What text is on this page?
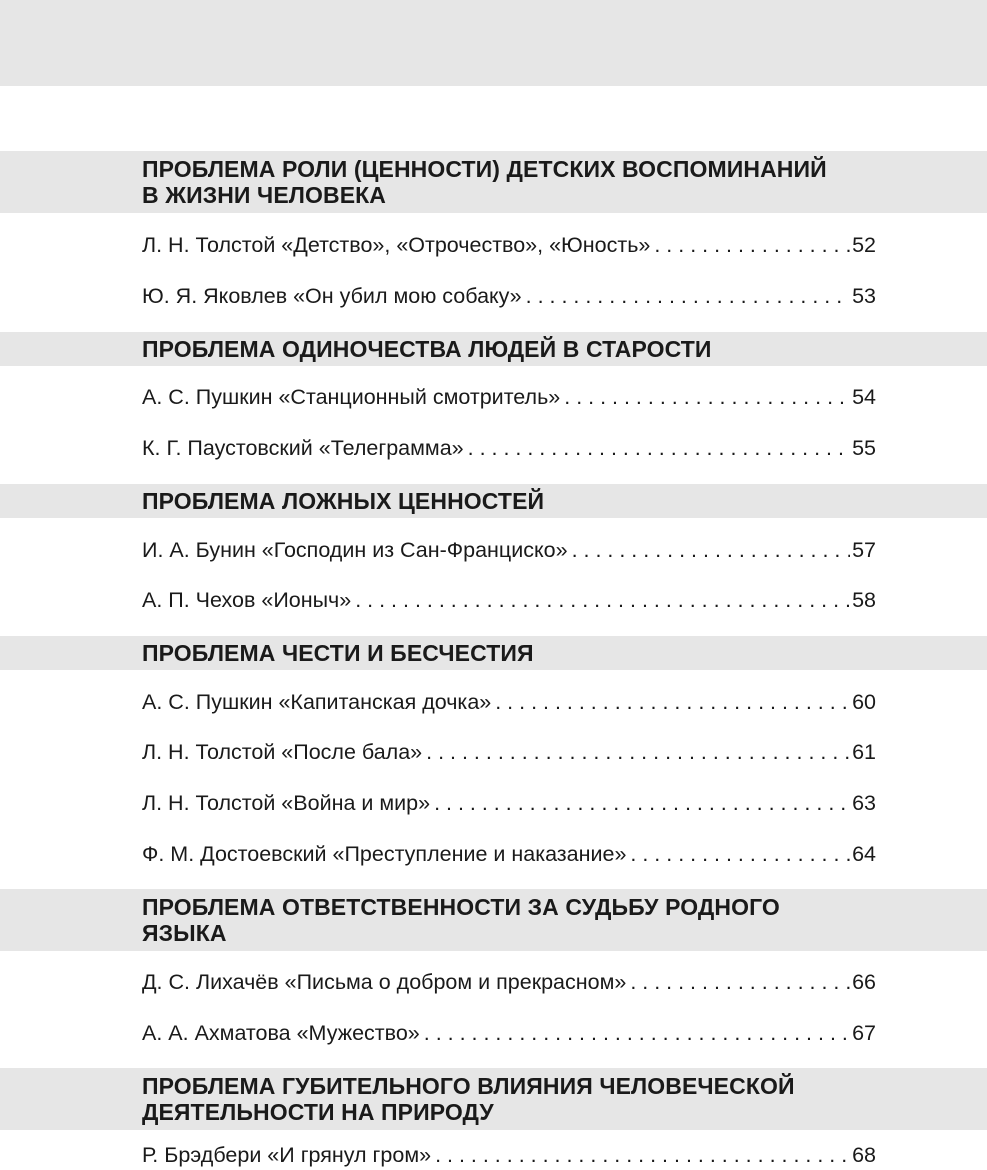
ПРОБЛЕМА РОЛИ (ЦЕННОСТИ) ДЕТСКИХ ВОСПОМИНАНИЙ
В ЖИЗНИ ЧЕЛОВЕКА
Л. Н. Толстой «Детство», «Отрочество», «Юность» . . .	52
Ю. Я. Яковлев «Он убил мою собаку» . . .	53
ПРОБЛЕМА ОДИНОЧЕСТВА ЛЮДЕЙ В СТАРОСТИ
А. С. Пушкин «Станционный смотритель» . . .	54
К. Г. Паустовский «Телеграмма» . . .	55
ПРОБЛЕМА ЛОЖНЫХ ЦЕННОСТЕЙ
И. А. Бунин «Господин из Сан-Франциско» . . .	57
А. П. Чехов «Ионыч» . . .	58
ПРОБЛЕМА ЧЕСТИ И БЕСЧЕСТИЯ
А. С. Пушкин «Капитанская дочка» . . .	60
Л. Н. Толстой «После бала» . . .	61
Л. Н. Толстой «Война и мир» . . .	63
Ф. М. Достоевский «Преступление и наказание» . . .	64
ПРОБЛЕМА ОТВЕТСТВЕННОСТИ ЗА СУДЬБУ РОДНОГО
ЯЗЫКА
Д. С. Лихачёв «Письма о добром и прекрасном» . . .	66
А. А. Ахматова «Мужество» . . .	67
ПРОБЛЕМА ГУБИТЕЛЬНОГО ВЛИЯНИЯ ЧЕЛОВЕЧЕСКОЙ
ДЕЯТЕЛЬНОСТИ НА ПРИРОДУ
Р. Брэдбери «И грянул гром» . . .	68
